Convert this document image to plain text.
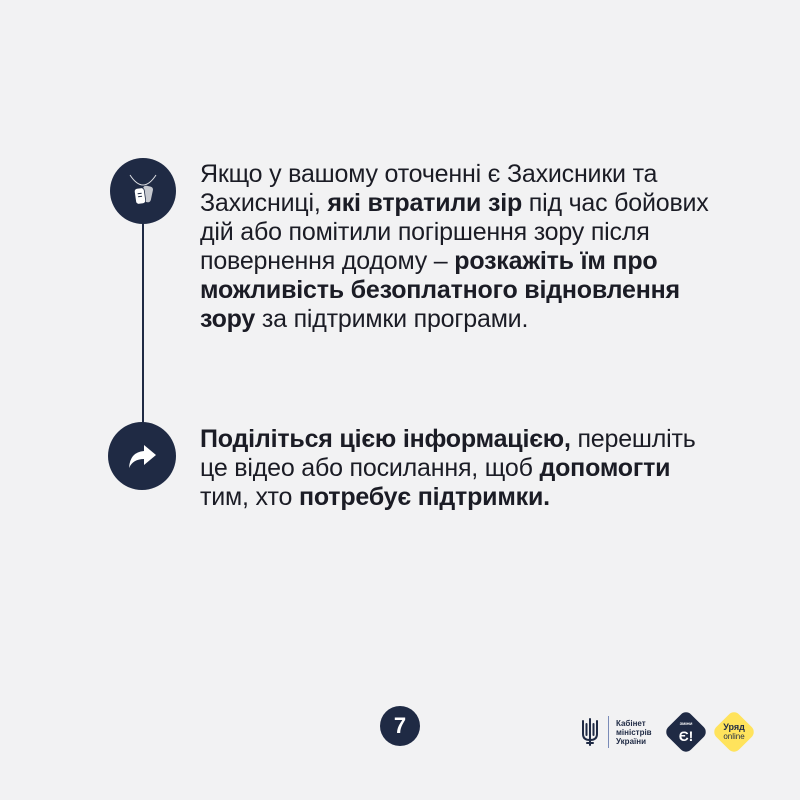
Якщо у вашому оточенні є Захисники та Захисниці, які втратили зір під час бойових дій або помітили погіршення зору після повернення додому – розкажіть їм про можливість безоплатного відновлення зору за підтримки програми.
Поділіться цією інформацією, перешліть це відео або посилання, щоб допомогти тим, хто потребує підтримки.
7	Кабінет
міністрів
України
ЗМІНИ
Є!
Уряд
online
